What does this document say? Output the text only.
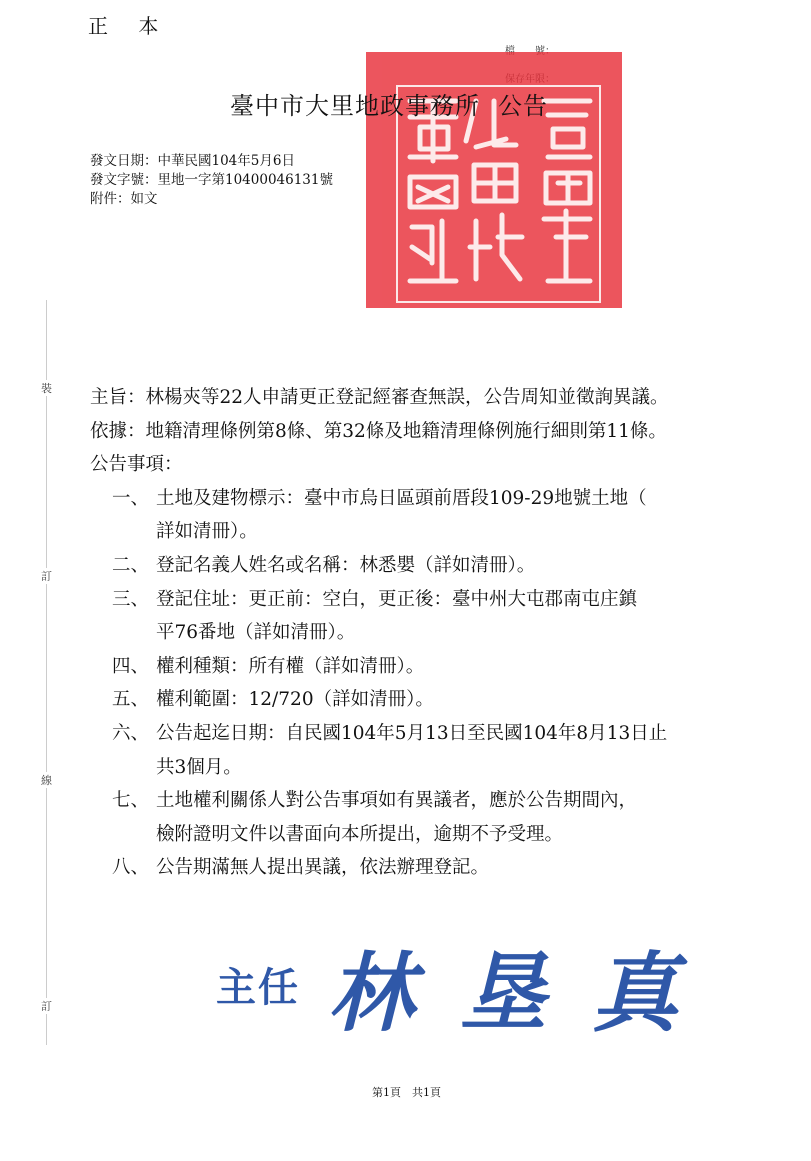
正 本
臺中市大里地政事務所 公告
發文日期：中華民國104年5月6日
發文字號：里地一字第10400046131號
附件：如文
裝
訂
線
訂
主旨： 林楊㚒等22人申請更正登記經審查無誤，公告周知並徵詢異議。
依據： 地籍清理條例第8條、第32條及地籍清理條例施行細則第11條。
公告事項：
一、 土地及建物標示：臺中市烏日區頭前厝段109-29地號土地（
詳如清冊）。
二、 登記名義人姓名或名稱：林悉嬰（詳如清冊）。
三、 登記住址：更正前：空白，更正後：臺中州大屯郡南屯庄鎮
平76番地（詳如清冊）。
四、 權利種類：所有權（詳如清冊）。
五、 權利範圍：12/720（詳如清冊）。
六、 公告起迄日期：自民國104年5月13日至民國104年8月13日止
共3個月。
七、 土地權利關係人對公告事項如有異議者，應於公告期間內，
檢附證明文件以書面向本所提出，逾期不予受理。
八、 公告期滿無人提出異議，依法辦理登記。
主任 林 垦 真
第1頁　共1頁
